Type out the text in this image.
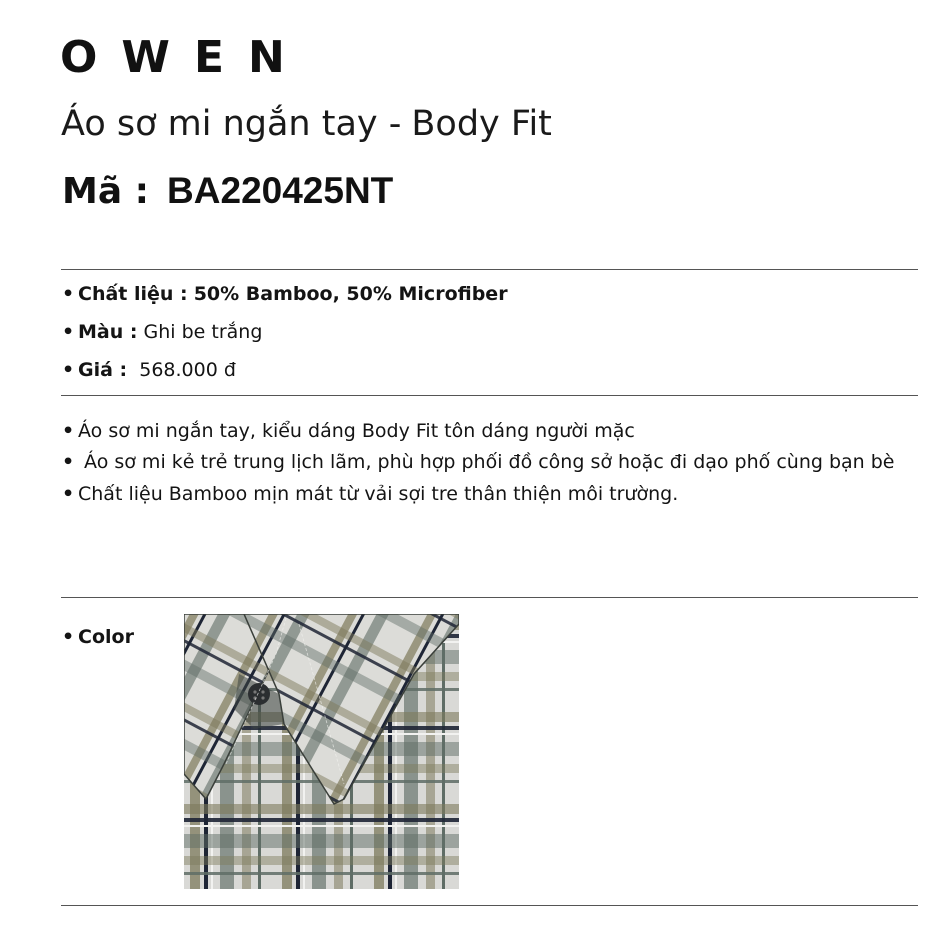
OWEN
Áo sơ mi ngắn tay - Body Fit
Mã : BA220425NT
• Chất liệu : 50% Bamboo, 50% Microfiber
• Màu : Ghi be trắng
• Giá : 568.000 đ
• Áo sơ mi ngắn tay, kiểu dáng Body Fit tôn dáng người mặc
• Áo sơ mi kẻ trẻ trung lịch lãm, phù hợp phối đồ công sở hoặc đi dạo phố cùng bạn bè
• Chất liệu Bamboo mịn mát từ vải sợi tre thân thiện môi trường.
• Color
